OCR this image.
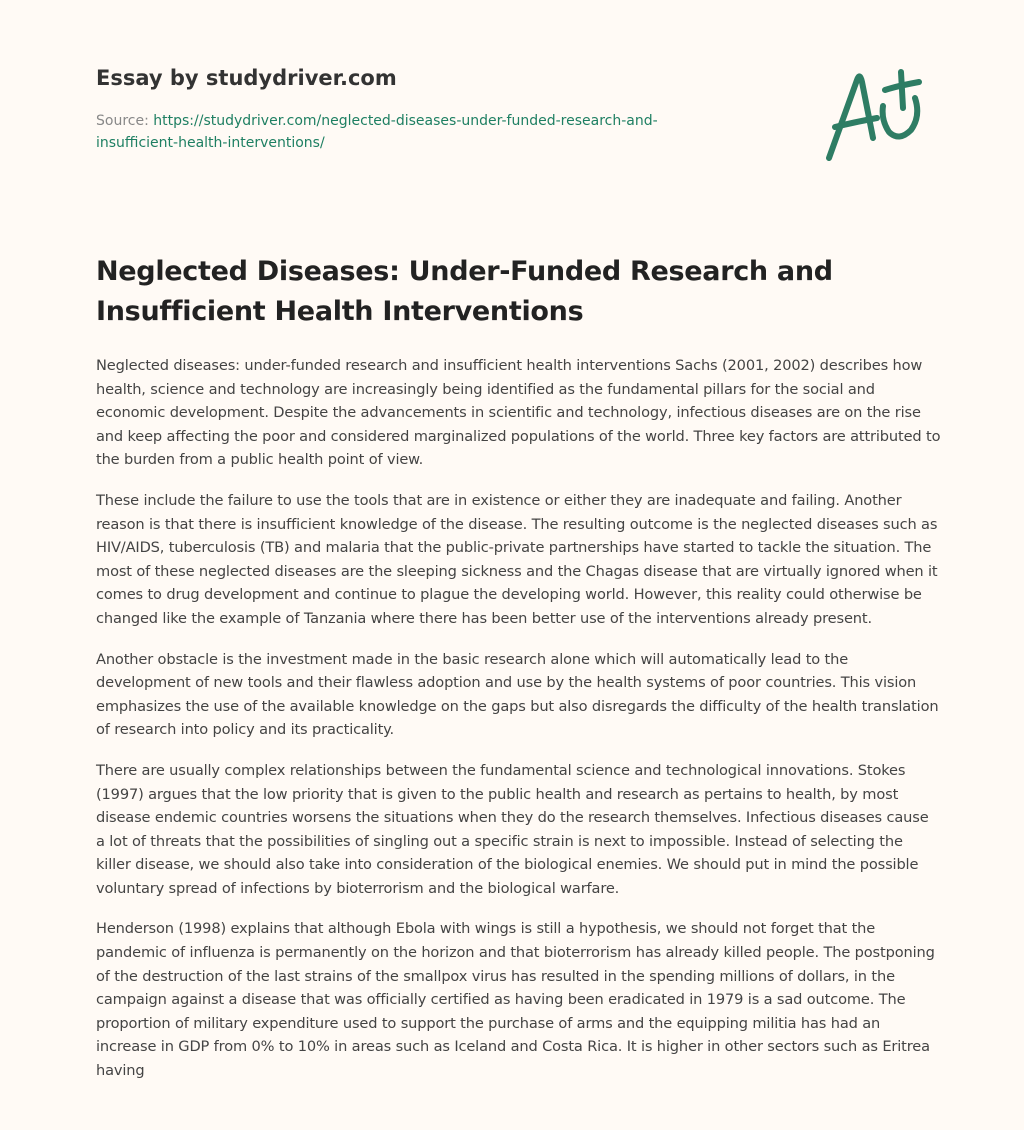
Essay by studydriver.com
Source: https://studydriver.com/neglected-diseases-under-funded-research-and-insufficient-health-interventions/
Neglected Diseases: Under-Funded Research and Insufficient Health Interventions

Neglected diseases: under-funded research and insufficient health interventions Sachs (2001, 2002) describes how health, science and technology are increasingly being identified as the fundamental pillars for the social and economic development. Despite the advancements in scientific and technology, infectious diseases are on the rise and keep affecting the poor and considered marginalized populations of the world. Three key factors are attributed to the burden from a public health point of view.

These include the failure to use the tools that are in existence or either they are inadequate and failing. Another reason is that there is insufficient knowledge of the disease. The resulting outcome is the neglected diseases such as HIV/AIDS, tuberculosis (TB) and malaria that the public-private partnerships have started to tackle the situation. The most of these neglected diseases are the sleeping sickness and the Chagas disease that are virtually ignored when it comes to drug development and continue to plague the developing world. However, this reality could otherwise be changed like the example of Tanzania where there has been better use of the interventions already present.

Another obstacle is the investment made in the basic research alone which will automatically lead to the development of new tools and their flawless adoption and use by the health systems of poor countries. This vision emphasizes the use of the available knowledge on the gaps but also disregards the difficulty of the health translation of research into policy and its practicality.

There are usually complex relationships between the fundamental science and technological innovations. Stokes (1997) argues that the low priority that is given to the public health and research as pertains to health, by most disease endemic countries worsens the situations when they do the research themselves. Infectious diseases cause a lot of threats that the possibilities of singling out a specific strain is next to impossible. Instead of selecting the killer disease, we should also take into consideration of the biological enemies. We should put in mind the possible voluntary spread of infections by bioterrorism and the biological warfare.

Henderson (1998) explains that although Ebola with wings is still a hypothesis, we should not forget that the pandemic of influenza is permanently on the horizon and that bioterrorism has already killed people. The postponing of the destruction of the last strains of the smallpox virus has resulted in the spending millions of dollars, in the campaign against a disease that was officially certified as having been eradicated in 1979 is a sad outcome. The proportion of military expenditure used to support the purchase of arms and the equipping militia has had an increase in GDP from 0% to 10% in areas such as Iceland and Costa Rica. It is higher in other sectors such as Eritrea having
